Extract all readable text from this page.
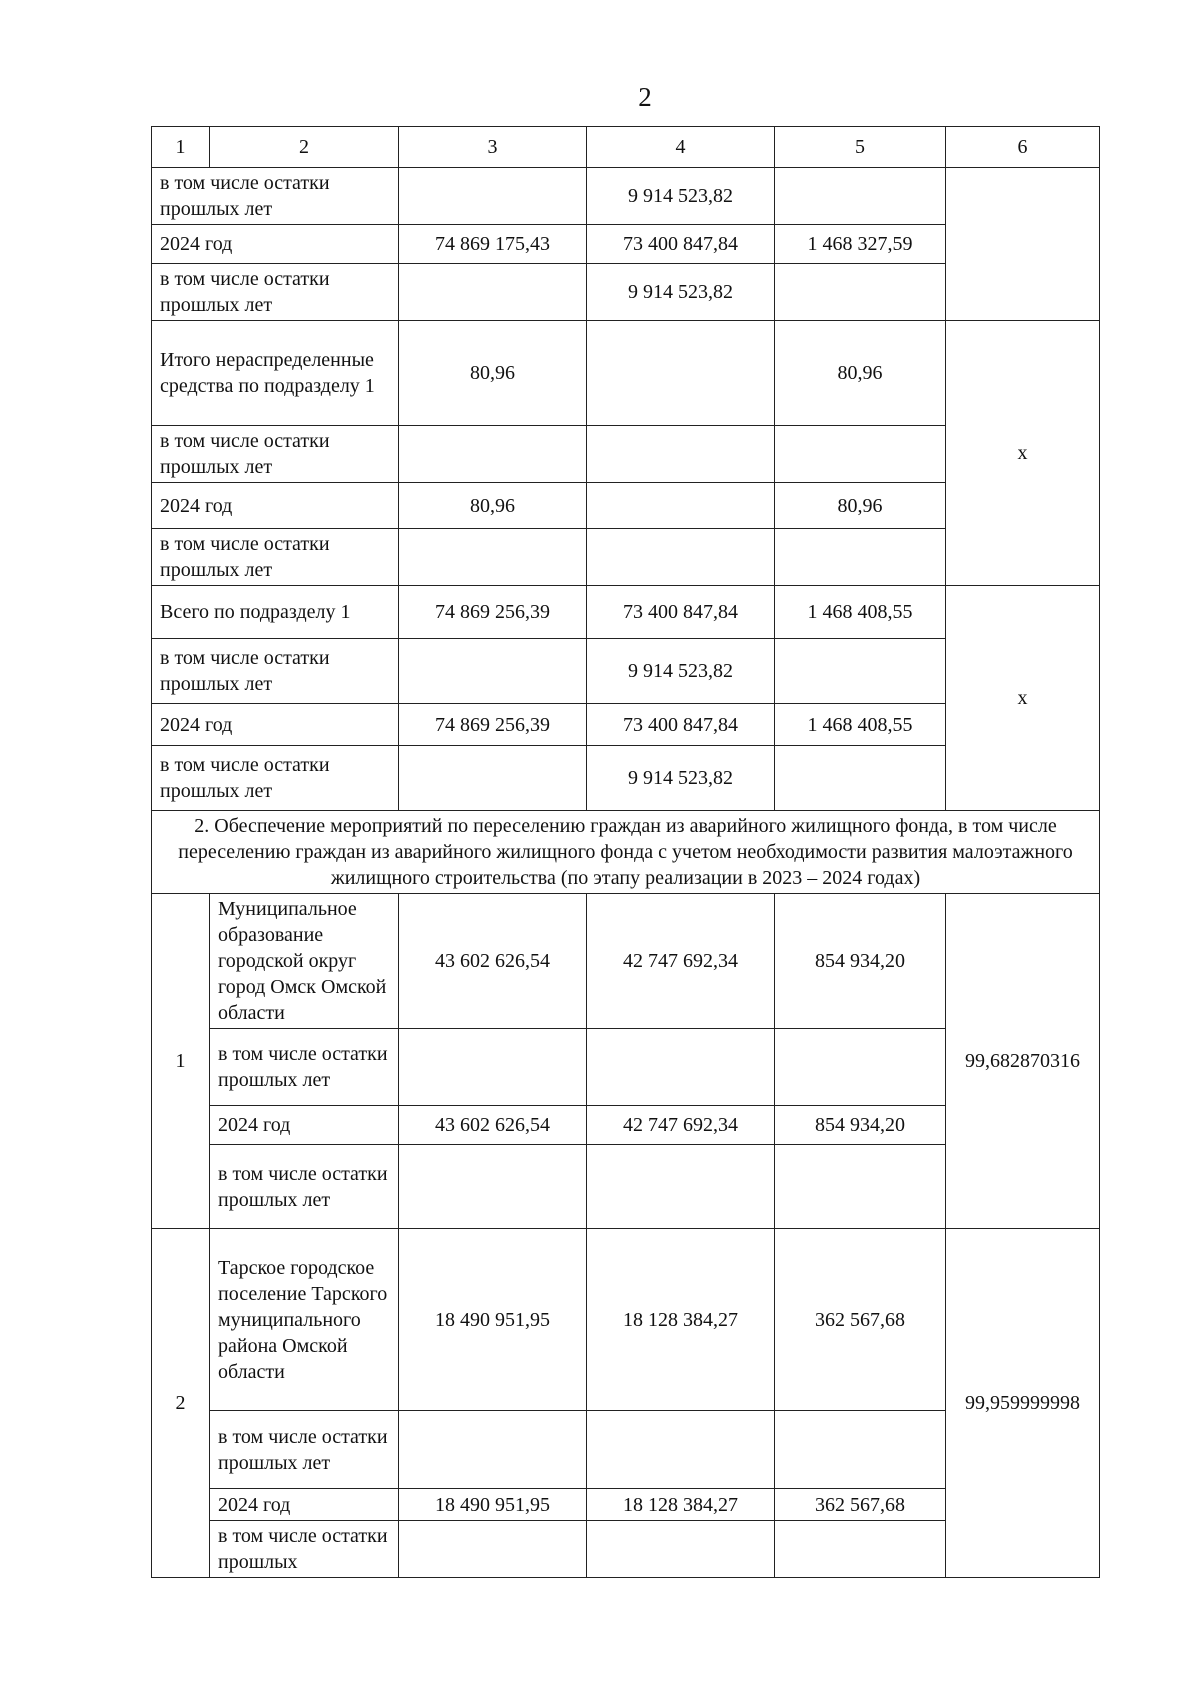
2
1	2	3	4	5	6
в том числе остатки прошлых лет			9 914 523,82		
2024 год		74 869 175,43	73 400 847,84	1 468 327,59	
в том числе остатки прошлых лет			9 914 523,82		
Итого нераспределенные средства по подразделу 1		80,96		80,96	x
в том числе остатки прошлых лет					
2024 год		80,96		80,96	
в том числе остатки прошлых лет					
Всего по подразделу 1		74 869 256,39	73 400 847,84	1 468 408,55	x
в том числе остатки прошлых лет			9 914 523,82		
2024 год		74 869 256,39	73 400 847,84	1 468 408,55	
в том числе остатки прошлых лет			9 914 523,82		
2. Обеспечение мероприятий по переселению граждан из аварийного жилищного фонда, в том числе переселению граждан из аварийного жилищного фонда с учетом необходимости развития малоэтажного жилищного строительства (по этапу реализации в 2023 – 2024 годах)					
1	Муниципальное образование городской округ город Омск Омской области	43 602 626,54	42 747 692,34	854 934,20	99,682870316
	в том числе остатки прошлых лет				
	2024 год	43 602 626,54	42 747 692,34	854 934,20	
	в том числе остатки прошлых лет				
2	Тарское городское поселение Тарского муниципального района Омской области	18 490 951,95	18 128 384,27	362 567,68	99,959999998
	в том числе остатки прошлых лет				
	2024 год	18 490 951,95	18 128 384,27	362 567,68	
	в том числе остатки прошлых				
